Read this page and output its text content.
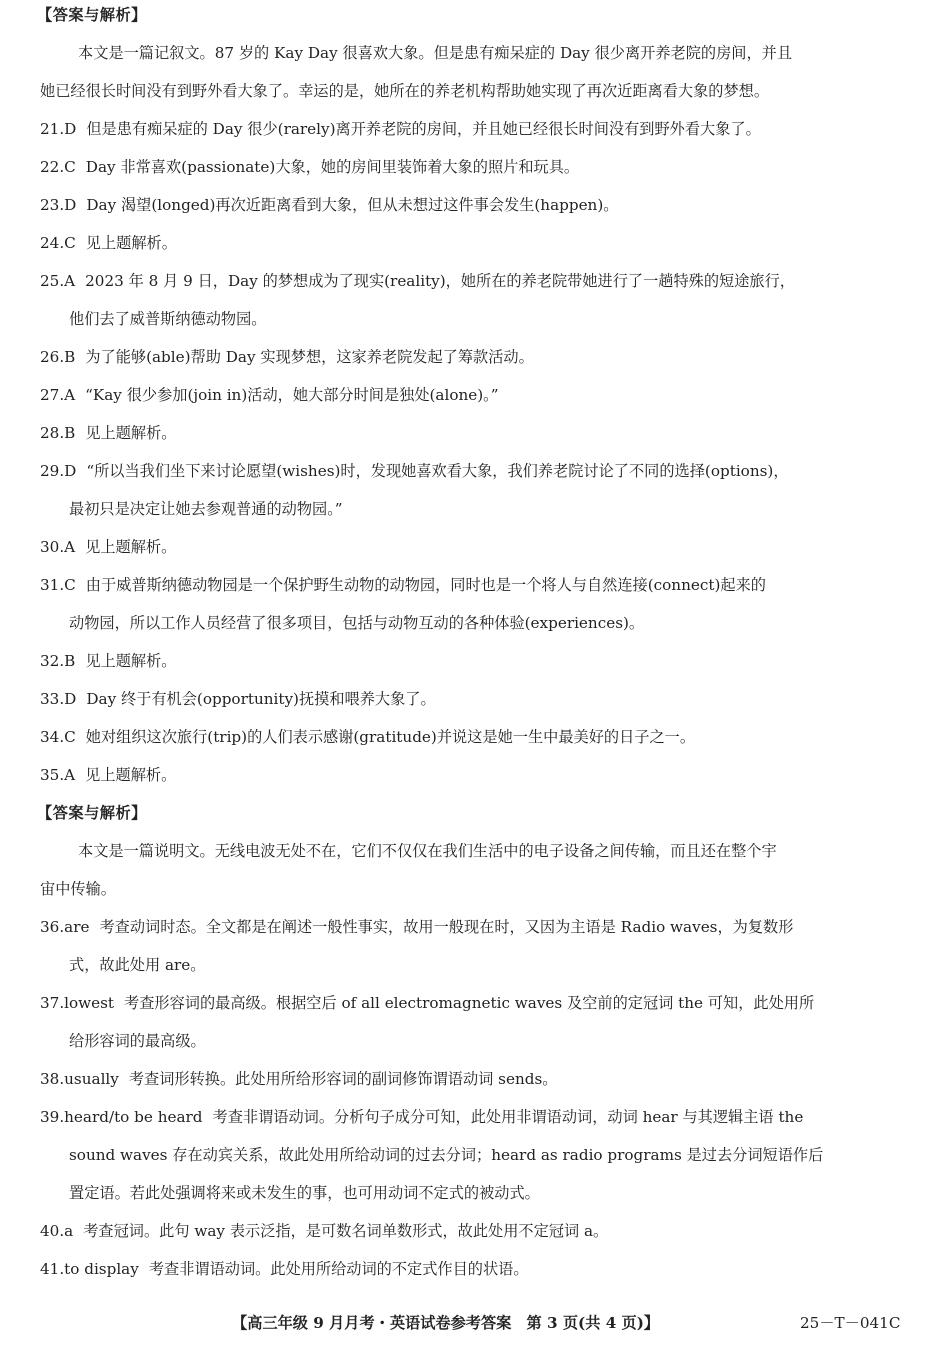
【答案与解析】
本文是一篇记叙文。87 岁的 Kay Day 很喜欢大象。但是患有痴呆症的 Day 很少离开养老院的房间，并且
她已经很长时间没有到野外看大象了。幸运的是，她所在的养老机构帮助她实现了再次近距离看大象的梦想。
21.D 但是患有痴呆症的 Day 很少(rarely)离开养老院的房间，并且她已经很长时间没有到野外看大象了。
22.C Day 非常喜欢(passionate)大象，她的房间里装饰着大象的照片和玩具。
23.D Day 渴望(longed)再次近距离看到大象，但从未想过这件事会发生(happen)。
24.C 见上题解析。
25.A 2023 年 8 月 9 日，Day 的梦想成为了现实(reality)，她所在的养老院带她进行了一趟特殊的短途旅行，
他们去了威普斯纳德动物园。
26.B 为了能够(able)帮助 Day 实现梦想，这家养老院发起了筹款活动。
27.A “Kay 很少参加(join in)活动，她大部分时间是独处(alone)。”
28.B 见上题解析。
29.D “所以当我们坐下来讨论愿望(wishes)时，发现她喜欢看大象，我们养老院讨论了不同的选择(options)，
最初只是决定让她去参观普通的动物园。”
30.A 见上题解析。
31.C 由于威普斯纳德动物园是一个保护野生动物的动物园，同时也是一个将人与自然连接(connect)起来的
动物园，所以工作人员经营了很多项目，包括与动物互动的各种体验(experiences)。
32.B 见上题解析。
33.D Day 终于有机会(opportunity)抚摸和喂养大象了。
34.C 她对组织这次旅行(trip)的人们表示感谢(gratitude)并说这是她一生中最美好的日子之一。
35.A 见上题解析。
【答案与解析】
本文是一篇说明文。无线电波无处不在，它们不仅仅在我们生活中的电子设备之间传输，而且还在整个宇
宙中传输。
36.are 考查动词时态。全文都是在阐述一般性事实，故用一般现在时，又因为主语是 Radio waves，为复数形
式，故此处用 are。
37.lowest 考查形容词的最高级。根据空后 of all electromagnetic waves 及空前的定冠词 the 可知，此处用所
给形容词的最高级。
38.usually 考查词形转换。此处用所给形容词的副词修饰谓语动词 sends。
39.heard/to be heard 考查非谓语动词。分析句子成分可知，此处用非谓语动词，动词 hear 与其逻辑主语 the
sound waves 存在动宾关系，故此处用所给动词的过去分词；heard as radio programs 是过去分词短语作后
置定语。若此处强调将来或未发生的事，也可用动词不定式的被动式。
40.a 考查冠词。此句 way 表示泛指，是可数名词单数形式，故此处用不定冠词 a。
41.to display 考查非谓语动词。此处用所给动词的不定式作目的状语。
【高三年级 9 月月考・英语试卷参考答案　第 3 页(共 4 页)】	25－T－041C
